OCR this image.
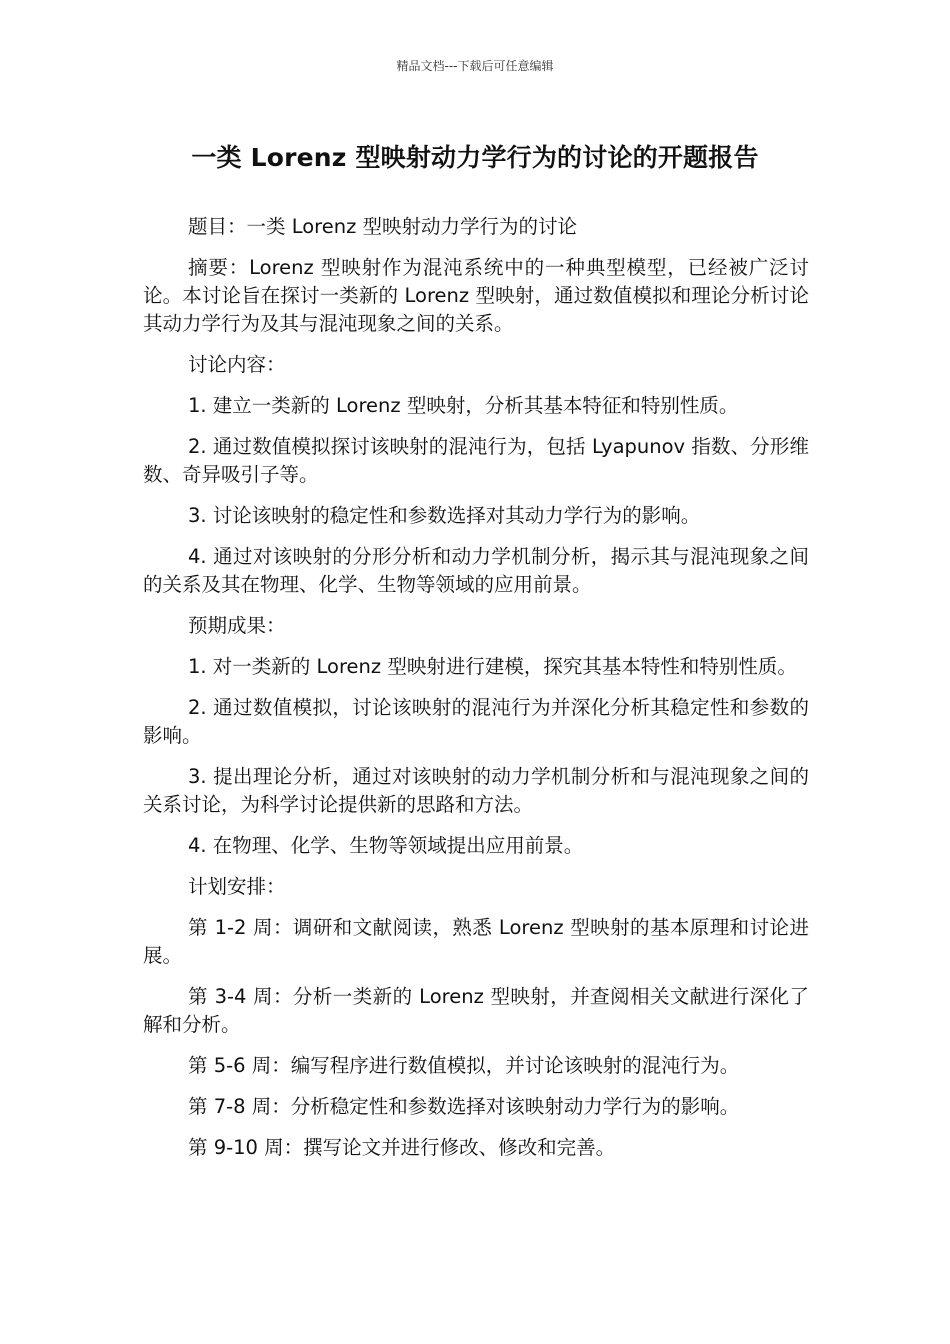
精品文档---下载后可任意编辑
一类 Lorenz 型映射动力学行为的讨论的开题报告

题目：一类 Lorenz 型映射动力学行为的讨论

摘要：Lorenz 型映射作为混沌系统中的一种典型模型，已经被广泛讨论。本讨论旨在探讨一类新的 Lorenz 型映射，通过数值模拟和理论分析讨论其动力学行为及其与混沌现象之间的关系。

讨论内容：

1. 建立一类新的 Lorenz 型映射，分析其基本特征和特别性质。

2. 通过数值模拟探讨该映射的混沌行为，包括 Lyapunov 指数、分形维数、奇异吸引子等。

3. 讨论该映射的稳定性和参数选择对其动力学行为的影响。

4. 通过对该映射的分形分析和动力学机制分析，揭示其与混沌现象之间的关系及其在物理、化学、生物等领域的应用前景。

预期成果：

1. 对一类新的 Lorenz 型映射进行建模，探究其基本特性和特别性质。

2. 通过数值模拟，讨论该映射的混沌行为并深化分析其稳定性和参数的影响。

3. 提出理论分析，通过对该映射的动力学机制分析和与混沌现象之间的关系讨论，为科学讨论提供新的思路和方法。

4. 在物理、化学、生物等领域提出应用前景。

计划安排：

第 1-2 周：调研和文献阅读，熟悉 Lorenz 型映射的基本原理和讨论进展。

第 3-4 周：分析一类新的 Lorenz 型映射，并查阅相关文献进行深化了解和分析。

第 5-6 周：编写程序进行数值模拟，并讨论该映射的混沌行为。

第 7-8 周：分析稳定性和参数选择对该映射动力学行为的影响。

第 9-10 周：撰写论文并进行修改、修改和完善。
